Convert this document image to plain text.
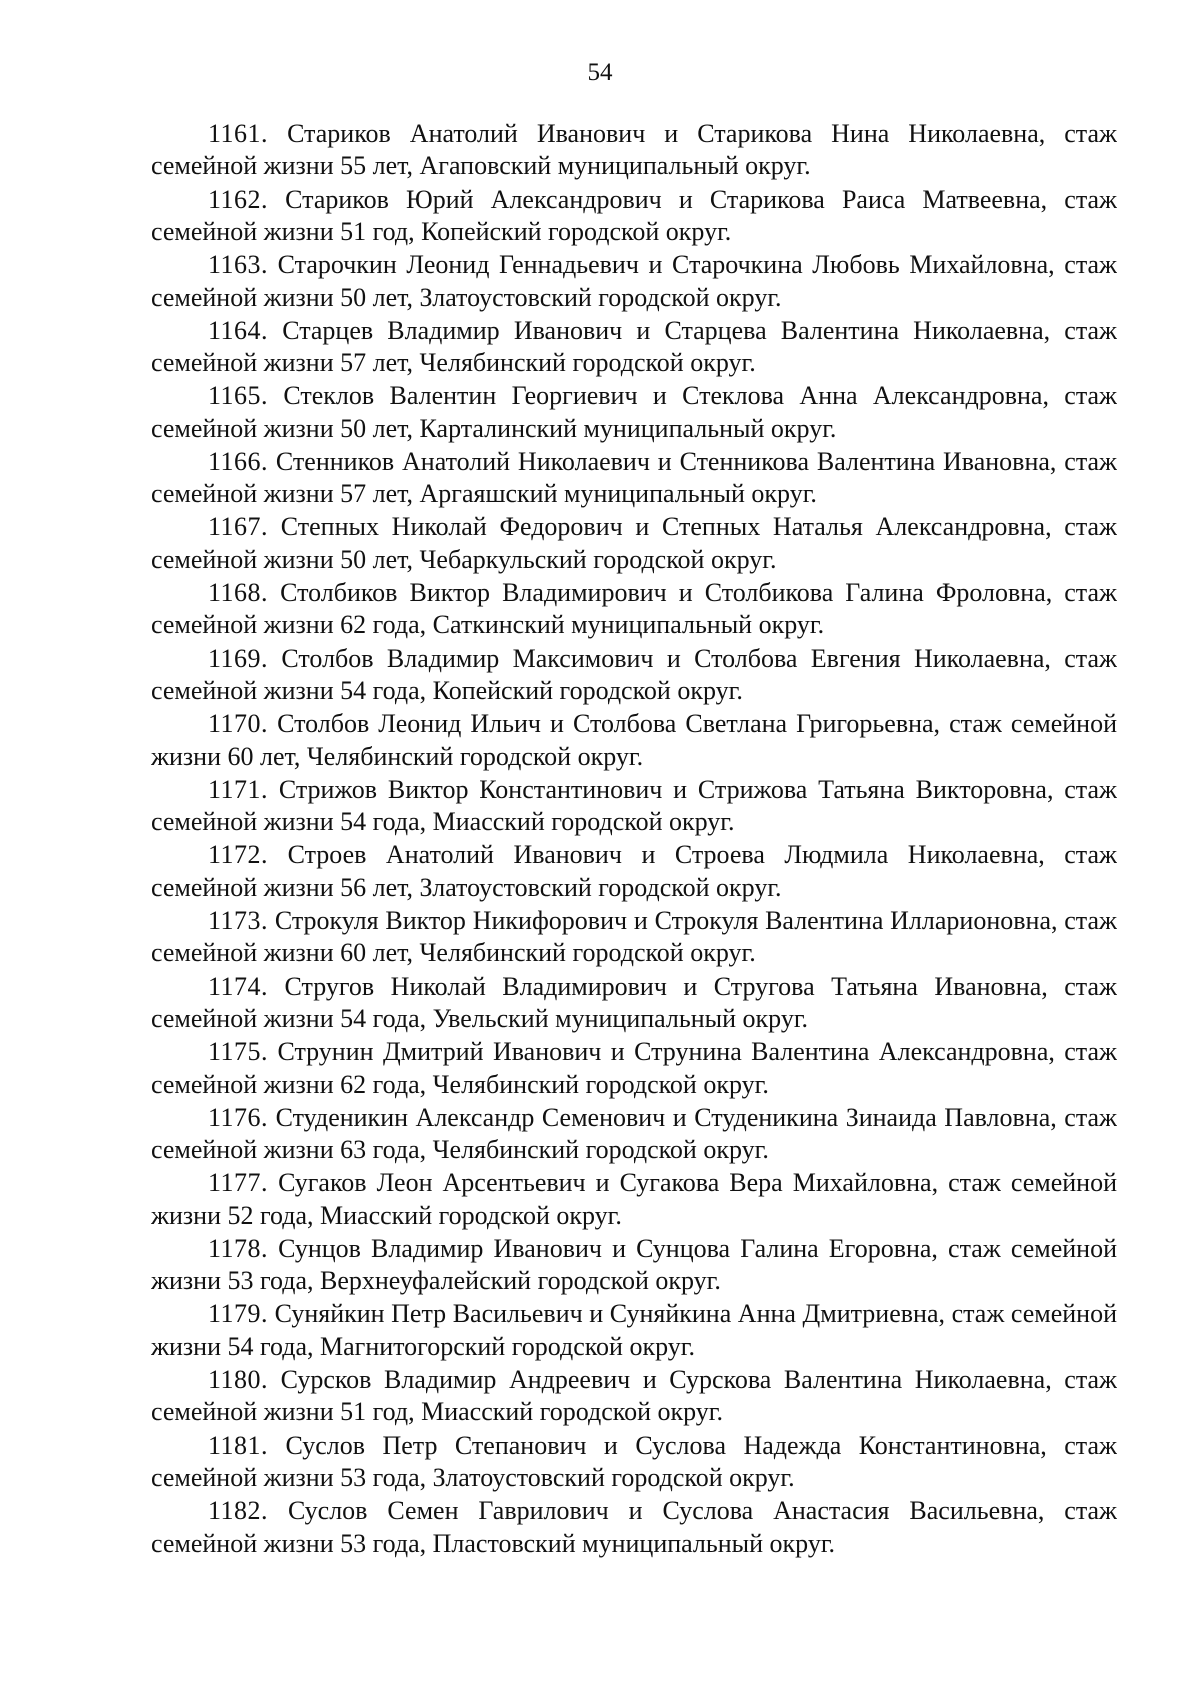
54

1161. Стариков Анатолий Иванович и Старикова Нина Николаевна, стаж семейной жизни 55 лет, Агаповский муниципальный округ.

1162. Стариков Юрий Александрович и Старикова Раиса Матвеевна, стаж семейной жизни 51 год, Копейский городской округ.

1163. Старочкин Леонид Геннадьевич и Старочкина Любовь Михайловна, стаж семейной жизни 50 лет, Златоустовский городской округ.

1164. Старцев Владимир Иванович и Старцева Валентина Николаевна, стаж семейной жизни 57 лет, Челябинский городской округ.

1165. Стеклов Валентин Георгиевич и Стеклова Анна Александровна, стаж семейной жизни 50 лет, Карталинский муниципальный округ.

1166. Стенников Анатолий Николаевич и Стенникова Валентина Ивановна, стаж семейной жизни 57 лет, Аргаяшский муниципальный округ.

1167. Степных Николай Федорович и Степных Наталья Александровна, стаж семейной жизни 50 лет, Чебаркульский городской округ.

1168. Столбиков Виктор Владимирович и Столбикова Галина Фроловна, стаж семейной жизни 62 года, Саткинский муниципальный округ.

1169. Столбов Владимир Максимович и Столбова Евгения Николаевна, стаж семейной жизни 54 года, Копейский городской округ.

1170. Столбов Леонид Ильич и Столбова Светлана Григорьевна, стаж семейной жизни 60 лет, Челябинский городской округ.

1171. Стрижов Виктор Константинович и Стрижова Татьяна Викторовна, стаж семейной жизни 54 года, Миасский городской округ.

1172. Строев Анатолий Иванович и Строева Людмила Николаевна, стаж семейной жизни 56 лет, Златоустовский городской округ.

1173. Строкуля Виктор Никифорович и Строкуля Валентина Илларионовна, стаж семейной жизни 60 лет, Челябинский городской округ.

1174. Стругов Николай Владимирович и Стругова Татьяна Ивановна, стаж семейной жизни 54 года, Увельский муниципальный округ.

1175. Струнин Дмитрий Иванович и Струнина Валентина Александровна, стаж семейной жизни 62 года, Челябинский городской округ.

1176. Студеникин Александр Семенович и Студеникина Зинаида Павловна, стаж семейной жизни 63 года, Челябинский городской округ.

1177. Сугаков Леон Арсентьевич и Сугакова Вера Михайловна, стаж семейной жизни 52 года, Миасский городской округ.

1178. Сунцов Владимир Иванович и Сунцова Галина Егоровна, стаж семейной жизни 53 года, Верхнеуфалейский городской округ.

1179. Суняйкин Петр Васильевич и Суняйкина Анна Дмитриевна, стаж семейной жизни 54 года, Магнитогорский городской округ.

1180. Сурсков Владимир Андреевич и Сурскова Валентина Николаевна, стаж семейной жизни 51 год, Миасский городской округ.

1181. Суслов Петр Степанович и Суслова Надежда Константиновна, стаж семейной жизни 53 года, Златоустовский городской округ.

1182. Суслов Семен Гаврилович и Суслова Анастасия Васильевна, стаж семейной жизни 53 года, Пластовский муниципальный округ.
